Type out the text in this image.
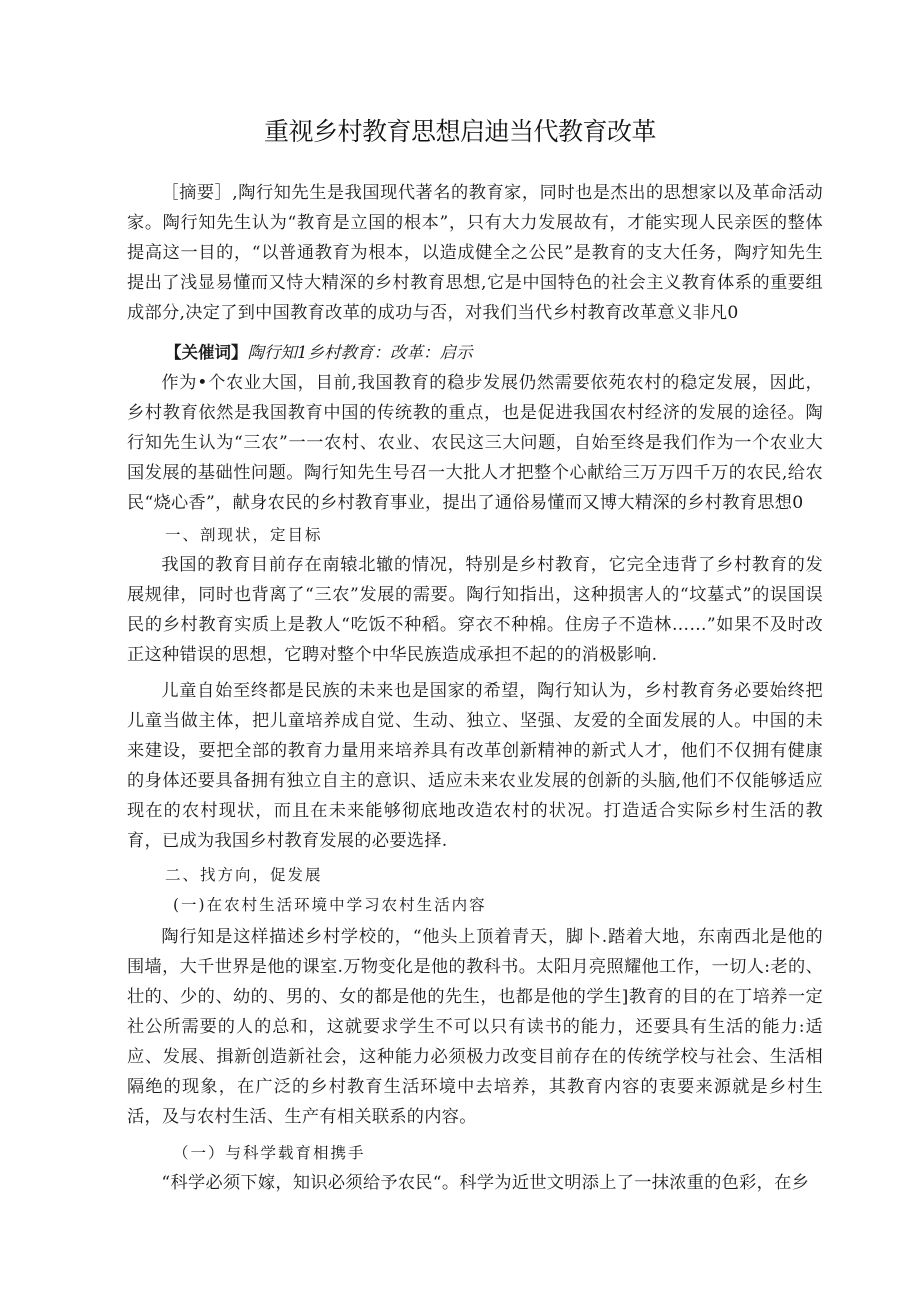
重视乡村教育思想启迪当代教育改革

［摘要］,陶行知先生是我国现代著名的教育家，同时也是杰出的思想家以及革命活动家。陶行知先生认为“教育是立国的根本”，只有大力发展故有，才能实现人民亲医的整体提高这一目的，“以普通教育为根本，以造成健全之公民”是教育的支大任务，陶疗知先生提出了浅显易懂而又恃大精深的乡村教育思想,它是中国特色的社会主义教育体系的重要组成部分,决定了到中国教育改革的成功与否，对我们当代乡村教育改革意义非凡0

【关催词】陶行知1乡村教育：改革：启示

作为•个农业大国，目前,我国教育的稳步发展仍然需要依苑农村的稳定发展，因此，乡村教育依然是我国教育中国的传统教的重点，也是促进我国农村经济的发展的途径。陶行知先生认为“三农”一一农村、农业、农民这三大问题，自始至终是我们作为一个农业大国发展的基础性问题。陶行知先生号召一大批人才把整个心献给三万万四千万的农民,给农民“烧心香”，献身农民的乡村教育事业，提出了通俗易懂而又博大精深的乡村教育思想0

一、剖现状，定目标

我国的教育目前存在南辕北辙的情况，特别是乡村教育，它完全违背了乡村教育的发展规律，同时也背离了“三农”发展的需要。陶行知指出，这种损害人的“坟墓式”的误国误民的乡村教育实质上是教人“吃饭不种稻。穿衣不种棉。住房子不造林……”如果不及时改正这种错误的思想，它聘对整个中华民族造成承担不起的的消极影响.

儿童自始至终都是民族的未来也是国家的希望，陶行知认为，乡村教育务必要始终把儿童当做主体，把儿童培养成自觉、生动、独立、坚强、友爱的全面发展的人。中国的未来建设，要把全部的教育力量用来培养具有改革创新精神的新式人才，他们不仅拥有健康的身体还要具备拥有独立自主的意识、适应未来农业发展的创新的头脑,他们不仅能够适应现在的农村现状，而且在未来能够彻底地改造农村的状况。打造适合实际乡村生活的教育，已成为我国乡村教育发展的必要选择.

二、找方向，促发展

(一)在农村生活环境中学习农村生活内容

陶行知是这样描述乡村学校的，“他头上顶着青天，脚卜.踏着大地，东南西北是他的围墙，大千世界是他的课室.万物变化是他的教科书。太阳月亮照耀他工作，一切人:老的、壮的、少的、幼的、男的、女的都是他的先生，也都是他的学生]教育的目的在丁培养一定社公所需要的人的总和，这就要求学生不可以只有读书的能力，还要具有生活的能力:适应、发展、揖新创造新社会，这种能力必须极力改变目前存在的传统学校与社会、生活相隔绝的现象，在广泛的乡村教育生活环境中去培养，其教育内容的衷要来源就是乡村生活，及与农村生活、生产有相关联系的内容。

（一）与科学载育相携手

“科学必须下嫁，知识必须给予农民“。科学为近世文明添上了一抹浓重的色彩，在乡
